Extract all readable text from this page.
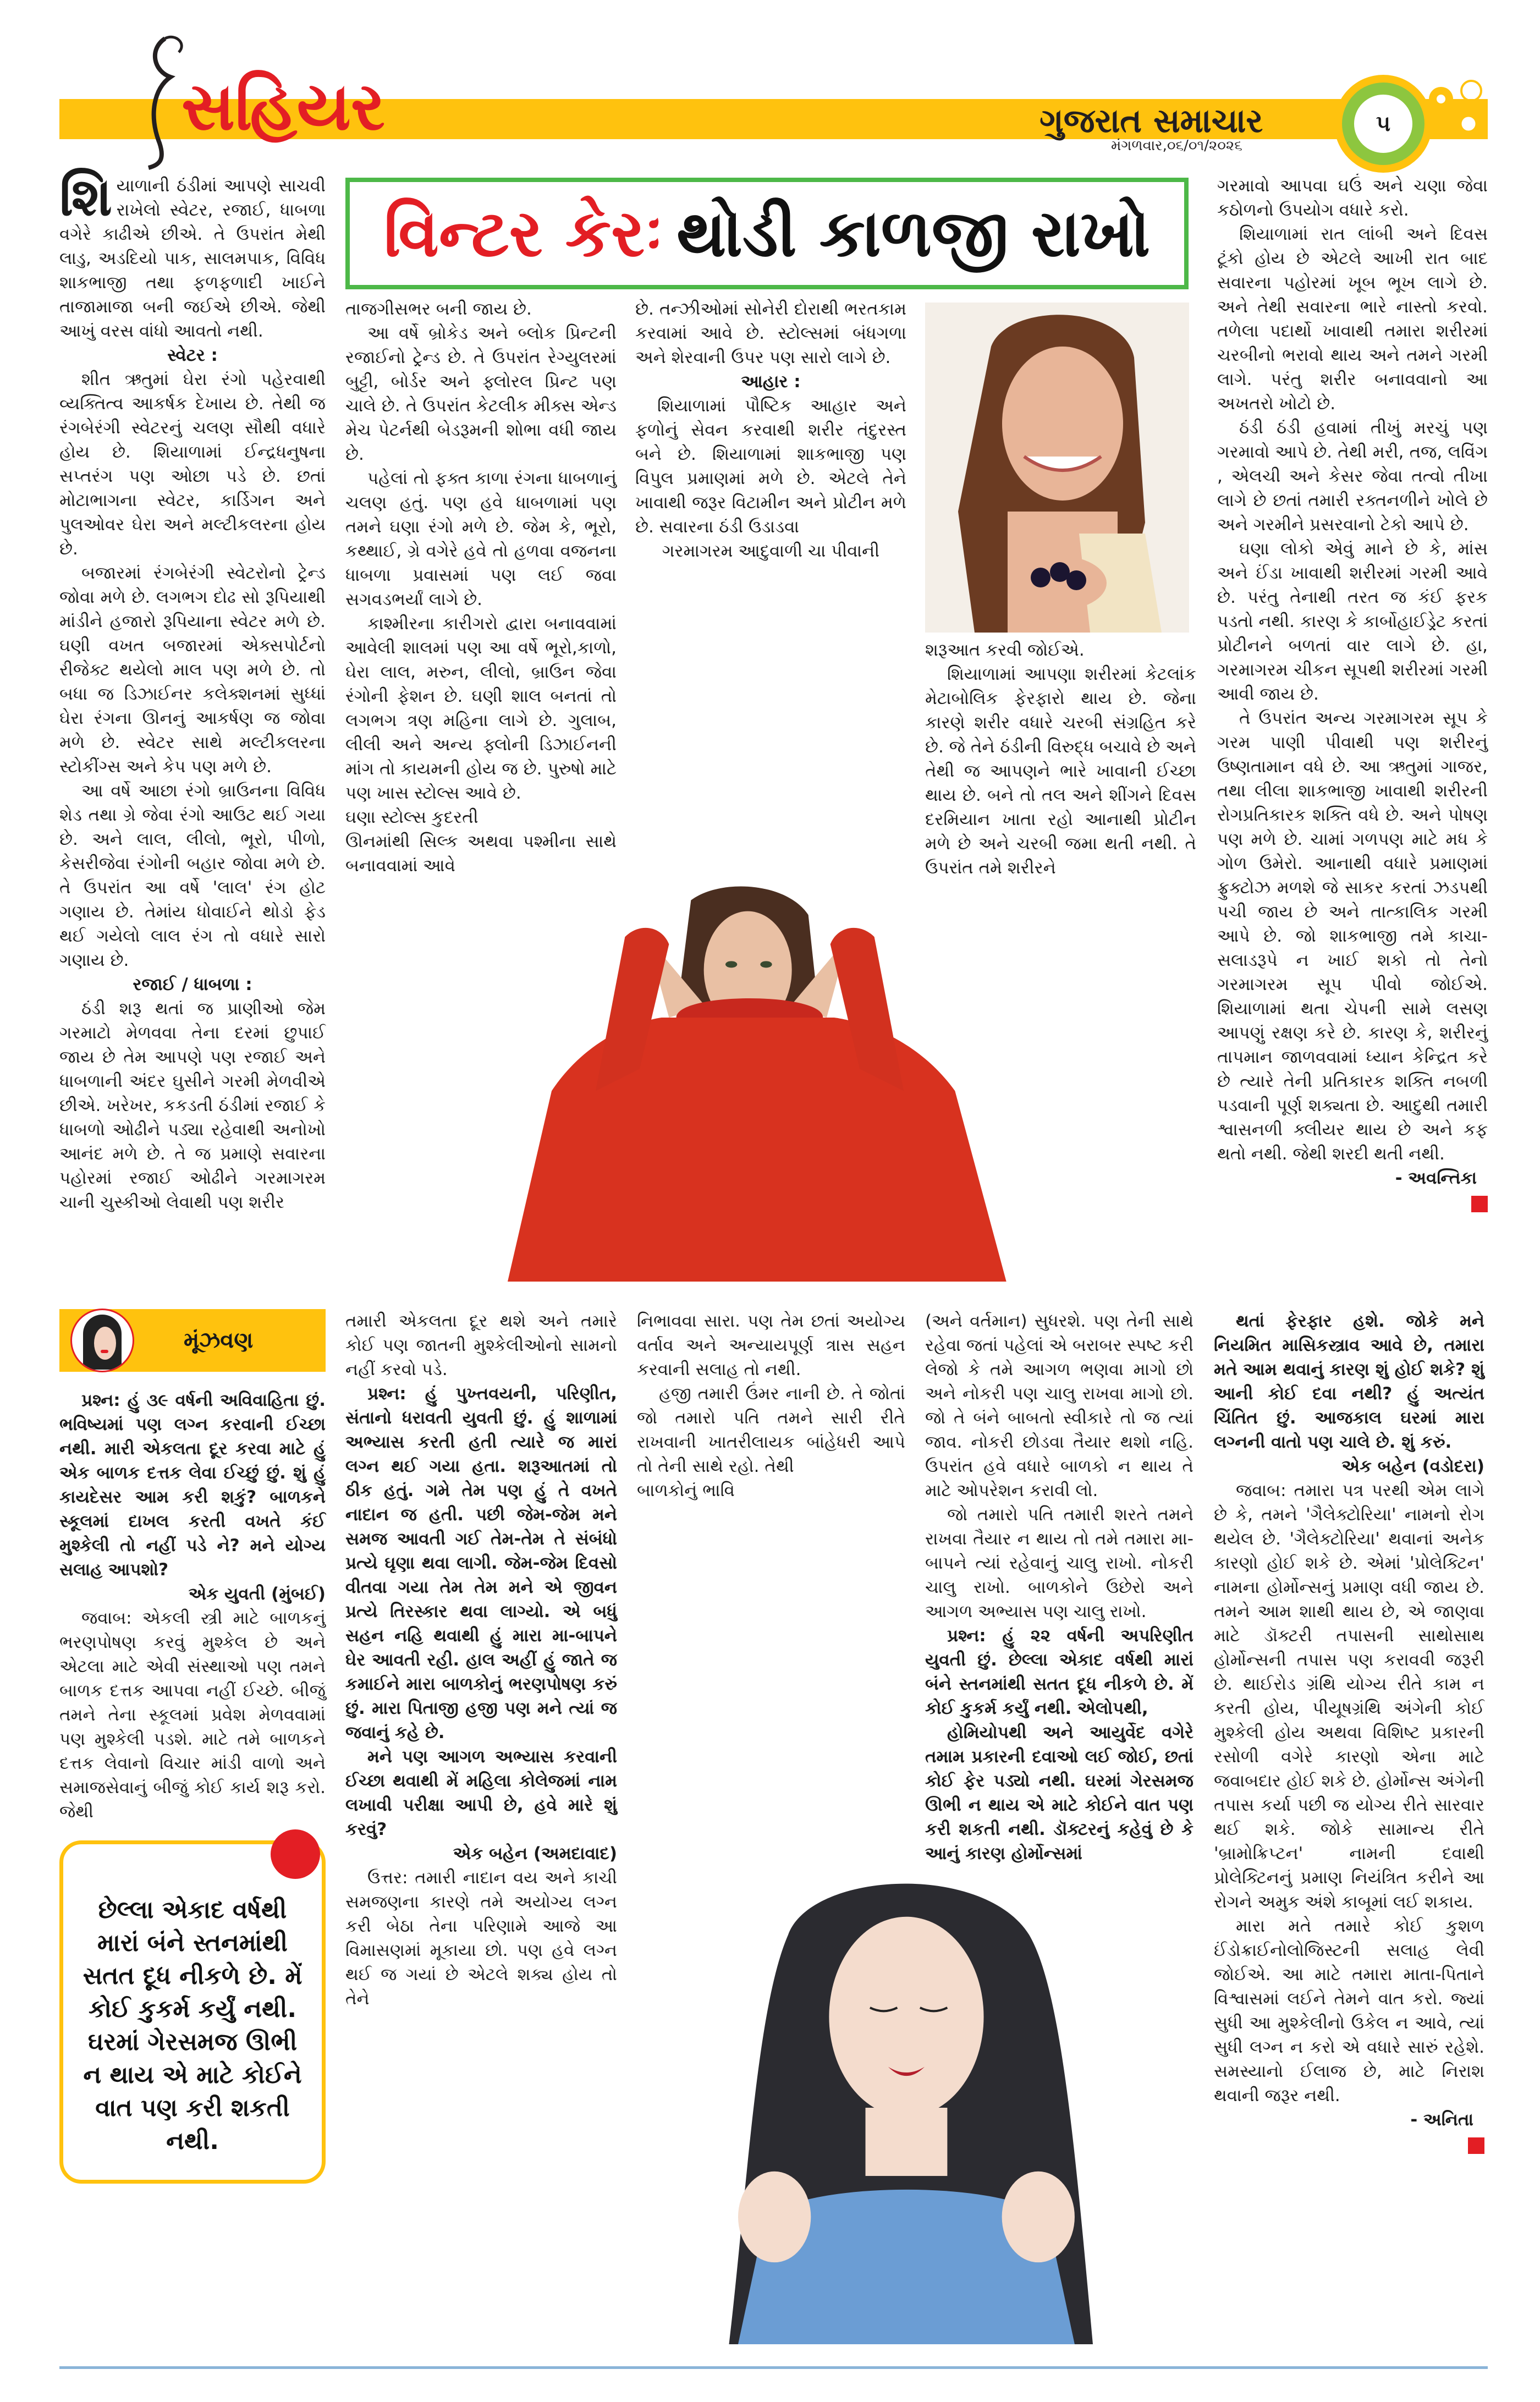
સહિયર	ગુજરાત સમાચાર
મંગળવાર,૦૬/૦૧/૨૦૨૬
૫
શિ યાળાની ઠંડીમાં આપણે સાચવી રાખેલો સ્વેટર, રજાઈ, ધાબળા વગેરે કાઢીએ છીએ. તે ઉપરાંત મેથી લાડુ, અડદિયો પાક, સાલમપાક, વિવિધ શાકભાજી તથા ફળફળાદી ખાઈને તાજામાજા બની જઈએ છીએ. જેથી આખું વરસ વાંધો આવતો નથી.

સ્વેટર :

શીત ઋતુમાં ઘેરા રંગો પહેરવાથી વ્યક્તિત્વ આકર્ષક દેખાય છે. તેથી જ રંગબેરંગી સ્વેટરનું ચલણ સૌથી વધારે હોય છે. શિયાળામાં ઈન્દ્રધનુષના સપ્તરંગ પણ ઓછા પડે છે. છતાં મોટાભાગના સ્વેટર, કાર્ડિગન અને પુલઓવર ઘેરા અને મલ્ટીકલરના હોય છે.

બજારમાં રંગબેરંગી સ્વેટરોનો ટ્રેન્ડ જોવા મળે છે. લગભગ દોઢ સો રૂપિયાથી માંડીને હજારો રૂપિયાના સ્વેટર મળે છે. ઘણી વખત બજારમાં એક્સપોર્ટનો રીજેક્ટ થયેલો માલ પણ મળે છે. તો બધા જ ડિઝાઈનર કલેક્શનમાં સુધ્ધાં ઘેરા રંગના ઊનનું આકર્ષણ જ જોવા મળે છે. સ્વેટર સાથે મલ્ટીકલરના સ્ટોકીંગ્સ અને કેપ પણ મળે છે.

આ વર્ષે આછા રંગો બ્રાઉનના વિવિધ શેડ તથા ગ્રે જેવા રંગો આઉટ થઈ ગયા છે. અને લાલ, લીલો, ભૂરો, પીળો, કેસરીજેવા રંગોની બહાર જોવા મળે છે. તે ઉપરાંત આ વર્ષે 'લાલ' રંગ હોટ ગણાય છે. તેમાંય ધોવાઈને થોડો ફેડ થઈ ગયેલો લાલ રંગ તો વધારે સારો ગણાય છે.

રજાઈ / ધાબળા :

ઠંડી શરૂ થતાં જ પ્રાણીઓ જેમ ગરમાટો મેળવવા તેના દરમાં છુપાઈ જાય છે તેમ આપણે પણ રજાઈ અને ધાબળાની અંદર ઘુસીને ગરમી મેળવીએ છીએ. ખરેખર, કકડતી ઠંડીમાં રજાઈ કે ધાબળો ઓઢીને પડ્યા રહેવાથી અનોખો આનંદ મળે છે. તે જ પ્રમાણે સવારના પહોરમાં રજાઈ ઓઢીને ગરમાગરમ ચાની ચુસ્કીઓ લેવાથી પણ શરીર

વિન્ટર કેરઃ થોડી કાળજી રાખો

તાજગીસભર બની જાય છે.

આ વર્ષે બ્રોકેડ અને બ્લોક પ્રિન્ટની રજાઈનો ટ્રેન્ડ છે. તે ઉપરાંત રેગ્યુલરમાં બુટ્ટી, બોર્ડર અને ફ્લોરલ પ્રિન્ટ પણ ચાલે છે. તે ઉપરાંત કેટલીક મીક્સ એન્ડ મેચ પેટર્નથી બેડરૂમની શોભા વધી જાય છે.

પહેલાં તો ફક્ત કાળા રંગના ધાબળાનું ચલણ હતું. પણ હવે ધાબળામાં પણ તમને ઘણા રંગો મળે છે. જેમ કે, ભૂરો, કથ્થાઈ, ગ્રે વગેરે હવે તો હળવા વજનના ધાબળા પ્રવાસમાં પણ લઈ જવા સગવડભર્યાં લાગે છે.

કાશ્મીરના કારીગરો દ્વારા બનાવવામાં આવેલી શાલમાં પણ આ વર્ષે ભૂરો,કાળો, ઘેરા લાલ, મરુન, લીલો, બ્રાઉન જેવા રંગોની ફેશન છે. ઘણી શાલ બનતાં તો લગભગ ત્રણ મહિના લાગે છે. ગુલાબ, લીલી અને અન્ય ફ્લોની ડિઝાઈનની માંગ તો કાયમની હોય જ છે. પુરુષો માટે પણ ખાસ સ્ટોલ્સ આવે છે.

ઘણા સ્ટોલ્સ કુદરતી

ઊનમાંથી સિલ્ક અથવા પશ્મીના સાથે બનાવવામાં આવે

છે. તન્ઝીઓમાં સોનેરી દોરાથી ભરતકામ કરવામાં આવે છે. સ્ટોલ્સમાં બંધગળા અને શેરવાની ઉપર પણ સારો લાગે છે.

આહાર :

શિયાળામાં પૌષ્ટિક આહાર અને ફળોનું સેવન કરવાથી શરીર તંદુરસ્ત બને છે. શિયાળામાં શાકભાજી પણ વિપુલ પ્રમાણમાં મળે છે. એટલે તેને ખાવાથી જરૂર વિટામીન અને પ્રોટીન મળે છે. સવારના ઠંડી ઉડાડવા

ગરમાગરમ આદુવાળી ચા પીવાની

શરૂઆત કરવી જોઈએ.

શિયાળામાં આપણા શરીરમાં કેટલાંક મેટાબોલિક ફેરફારો થાય છે. જેના કારણે શરીર વધારે ચરબી સંગ્રહિત કરે છે. જે તેને ઠંડીની વિરુદ્ધ બચાવે છે અને તેથી જ આપણને ભારે ખાવાની ઈચ્છા થાય છે. બને તો તલ અને શીંગને દિવસ દરમિયાન ખાતા રહો આનાથી પ્રોટીન મળે છે અને ચરબી જમા થતી નથી. તે ઉપરાંત તમે શરીરને

ગરમાવો આપવા ઘઉં અને ચણા જેવા કઠોળનો ઉપયોગ વધારે કરો.

શિયાળામાં રાત લાંબી અને દિવસ ટૂંકો હોય છે એટલે આખી રાત બાદ સવારના પહોરમાં ખૂબ ભૂખ લાગે છે. અને તેથી સવારના ભારે નાસ્તો કરવો. તળેલા પદાર્થો ખાવાથી તમારા શરીરમાં ચરબીનો ભરાવો થાય અને તમને ગરમી લાગે. પરંતુ શરીર બનાવવાનો આ અખતરો ખોટો છે.

ઠંડી ઠંડી હવામાં તીખું મરચું પણ ગરમાવો આપે છે. તેથી મરી, તજ, લવિંગ , એલચી અને કેસર જેવા તત્વો તીખા લાગે છે છતાં તમારી રક્તનળીને ખોલે છે અને ગરમીને પ્રસરવાનો ટેકો આપે છે.

ઘણા લોકો એવું માને છે કે, માંસ અને ઈંડા ખાવાથી શરીરમાં ગરમી આવે છે. પરંતુ તેનાથી તરત જ કંઈ ફરક પડતો નથી. કારણ કે કાર્બોહાઈડ્રેટ કરતાં પ્રોટીનને બળતાં વાર લાગે છે. હા, ગરમાગરમ ચીકન સૂપથી શરીરમાં ગરમી આવી જાય છે.

તે ઉપરાંત અન્ય ગરમાગરમ સૂપ કે ગરમ પાણી પીવાથી પણ શરીરનું ઉષ્ણતામાન વધે છે. આ ઋતુમાં ગાજર, તથા લીલા શાકભાજી ખાવાથી શરીરની રોગપ્રતિકારક શક્તિ વધે છે. અને પોષણ પણ મળે છે. ચામાં ગળપણ માટે મધ કે ગોળ ઉમેરો. આનાથી વધારે પ્રમાણમાં ફ્રુક્ટોઝ મળશે જે સાકર કરતાં ઝડપથી પચી જાય છે અને તાત્કાલિક ગરમી આપે છે. જો શાકભાજી તમે કાચા-સલાડરૂપે ન ખાઈ શકો તો તેનો ગરમાગરમ સૂપ પીવો જોઈએ. શિયાળામાં થતા ચેપની સામે લસણ આપણું રક્ષણ કરે છે. કારણ કે, શરીરનું તાપમાન જાળવવામાં ધ્યાન કેન્દ્રિત કરે છે ત્યારે તેની પ્રતિકારક શક્તિ નબળી પડવાની પૂર્ણ શક્યતા છે. આદુથી તમારી શ્વાસનળી ક્લીયર થાય છે અને કફ થતો નથી. જેથી શરદી થતી નથી.

- અવન્તિકા

મૂંઝવણ

પ્રશ્ન: હું ૩૯ વર્ષની અવિવાહિતા છું. ભવિષ્યમાં પણ લગ્ન કરવાની ઈચ્છા નથી. મારી એકલતા દૂર કરવા માટે હું એક બાળક દત્તક લેવા ઈચ્છું છું. શું હું કાયદેસર આમ કરી શકું? બાળકને સ્કૂલમાં દાખલ કરતી વખતે કંઈ મુશ્કેલી તો નહીં પડે ને? મને યોગ્ય સલાહ આપશો?

એક યુવતી (મુંબઈ)

જવાબ: એકલી સ્ત્રી માટે બાળકનું ભરણપોષણ કરવું મુશ્કેલ છે અને એટલા માટે એવી સંસ્થાઓ પણ તમને બાળક દત્તક આપવા નહીં ઈચ્છે. બીજું તમને તેના સ્કૂલમાં પ્રવેશ મેળવવામાં પણ મુશ્કેલી પડશે. માટે તમે બાળકને દત્તક લેવાનો વિચાર માંડી વાળો અને સમાજસેવાનું બીજું કોઈ કાર્ય શરૂ કરો. જેથી

છેલ્લા એકાદ વર્ષથી મારાં બંને સ્તનમાંથી સતત દૂધ નીકળે છે. મેં કોઈ કુકર્મ કર્યું નથી. ઘરમાં ગેરસમજ ઊભી ન થાય એ માટે કોઈને વાત પણ કરી શકતી નથી.

તમારી એકલતા દૂર થશે અને તમારે કોઈ પણ જાતની મુશ્કેલીઓનો સામનો નહીં કરવો પડે.

પ્રશ્ન: હું પુખ્તવયની, પરિણીત, સંતાનો ધરાવતી યુવતી છું. હું શાળામાં અભ્યાસ કરતી હતી ત્યારે જ મારાં લગ્ન થઈ ગયા હતા. શરૂઆતમાં તો ઠીક હતું. ગમે તેમ પણ હું તે વખતે નાદાન જ હતી. પછી જેમ-જેમ મને સમજ આવતી ગઈ તેમ-તેમ તે સંબંધો પ્રત્યે ઘૃણા થવા લાગી. જેમ-જેમ દિવસો વીતવા ગયા તેમ તેમ મને એ જીવન પ્રત્યે તિરસ્કાર થવા લાગ્યો. એ બધું સહન નહિ થવાથી હું મારા મા-બાપને ઘેર આવતી રહી. હાલ અહીં હું જાતે જ કમાઈને મારા બાળકોનું ભરણપોષણ કરું છું. મારા પિતાજી હજી પણ મને ત્યાં જ જવાનું કહે છે.

મને પણ આગળ અભ્યાસ કરવાની ઈચ્છા થવાથી મેં મહિલા કોલેજમાં નામ લખાવી પરીક્ષા આપી છે, હવે મારે શું કરવું?

એક બહેન (અમદાવાદ)

ઉત્તર: તમારી નાદાન વય અને કાચી સમજણના કારણે તમે અયોગ્ય લગ્ન કરી બેઠા તેના પરિણામે આજે આ વિમાસણમાં મૂકાયા છો. પણ હવે લગ્ન થઈ જ ગયાં છે એટલે શક્ય હોય તો તેને

નિભાવવા સારા. પણ તેમ છતાં અયોગ્ય વર્તાવ અને અન્યાયપૂર્ણ ત્રાસ સહન કરવાની સલાહ તો નથી.

હજી તમારી ઉંમર નાની છે. તે જોતાં જો તમારો પતિ તમને સારી રીતે રાખવાની ખાતરીલાયક બાંહેધરી આપે તો તેની સાથે રહો. તેથી

બાળકોનું ભાવિ

(અને વર્તમાન) સુધરશે. પણ તેની સાથે રહેવા જતાં પહેલાં એ બરાબર સ્પષ્ટ કરી લેજો કે તમે આગળ ભણવા માગો છો અને નોકરી પણ ચાલુ રાખવા માગો છો. જો તે બંને બાબતો સ્વીકારે તો જ ત્યાં જાવ. નોકરી છોડવા તૈયાર થશો નહિ. ઉપરાંત હવે વધારે બાળકો ન થાય તે માટે ઓપરેશન કરાવી લો.

જો તમારો પતિ તમારી શરતે તમને રાખવા તૈયાર ન થાય તો તમે તમારા મા-બાપને ત્યાં રહેવાનું ચાલુ રાખો. નોકરી ચાલુ રાખો. બાળકોને ઉછેરો અને આગળ અભ્યાસ પણ ચાલુ રાખો.

પ્રશ્ન: હું ૨૨ વર્ષની અપરિણીત યુવતી છું. છેલ્લા એકાદ વર્ષથી મારાં બંને સ્તનમાંથી સતત દૂધ નીકળે છે. મેં કોઈ કુકર્મ કર્યું નથી. એલોપથી,

હોમિયોપથી અને આયુર્વેદ વગેરે તમામ પ્રકારની દવાઓ લઈ જોઈ, છતાં કોઈ ફેર પડ્યો નથી. ઘરમાં ગેરસમજ ઊભી ન થાય એ માટે કોઈને વાત પણ કરી શકતી નથી. ડૉક્ટરનું કહેવું છે કે આનું કારણ હોર્મોન્સમાં

થતાં ફેરફાર હશે. જોકે મને નિયમિત માસિકસ્ત્રાવ આવે છે, તમારા મતે આમ થવાનું કારણ શું હોઈ શકે? શું આની કોઈ દવા નથી? હું અત્યંત ચિંતિત છું. આજકાલ ઘરમાં મારા લગ્નની વાતો પણ ચાલે છે. શું કરું.

એક બહેન (વડોદરા)

જવાબ: તમારા પત્ર પરથી એમ લાગે છે કે, તમને 'ગૈલેક્ટોરિયા' નામનો રોગ થયેલ છે. 'ગૈલેક્ટોરિયા' થવાનાં અનેક કારણો હોઈ શકે છે. એમાં 'પ્રોલેક્ટિન' નામના હોર્મોન્સનું પ્રમાણ વધી જાય છે. તમને આમ શાથી થાય છે, એ જાણવા માટે ડૉક્ટરી તપાસની સાથોસાથ હોર્મોન્સની તપાસ પણ કરાવવી જરૂરી છે. થાઈરોડ ગ્રંથિ યોગ્ય રીતે કામ ન કરતી હોય, પીયૂષગ્રંથિ અંગેની કોઈ મુશ્કેલી હોય અથવા વિશિષ્ટ પ્રકારની રસોળી વગેરે કારણો એના માટે જવાબદાર હોઈ શકે છે. હોર્મોન્સ અંગેની તપાસ કર્યા પછી જ યોગ્ય રીતે સારવાર થઈ શકે. જોકે સામાન્ય રીતે 'બ્રામોક્રિપ્ટન' નામની દવાથી પ્રોલેક્ટિનનું પ્રમાણ નિયંત્રિત કરીને આ રોગને અમુક અંશે કાબૂમાં લઈ શકાય.

મારા મતે તમારે કોઈ કુશળ ઈંડોક્રાઈનોલોજિસ્ટની સલાહ લેવી જોઈએ. આ માટે તમારા માતા-પિતાને વિશ્વાસમાં લઈને તેમને વાત કરો. જ્યાં સુધી આ મુશ્કેલીનો ઉકેલ ન આવે, ત્યાં સુધી લગ્ન ન કરો એ વધારે સારું રહેશે. સમસ્યાનો ઈલાજ છે, માટે નિરાશ થવાની જરૂર નથી.

- અનિતા
